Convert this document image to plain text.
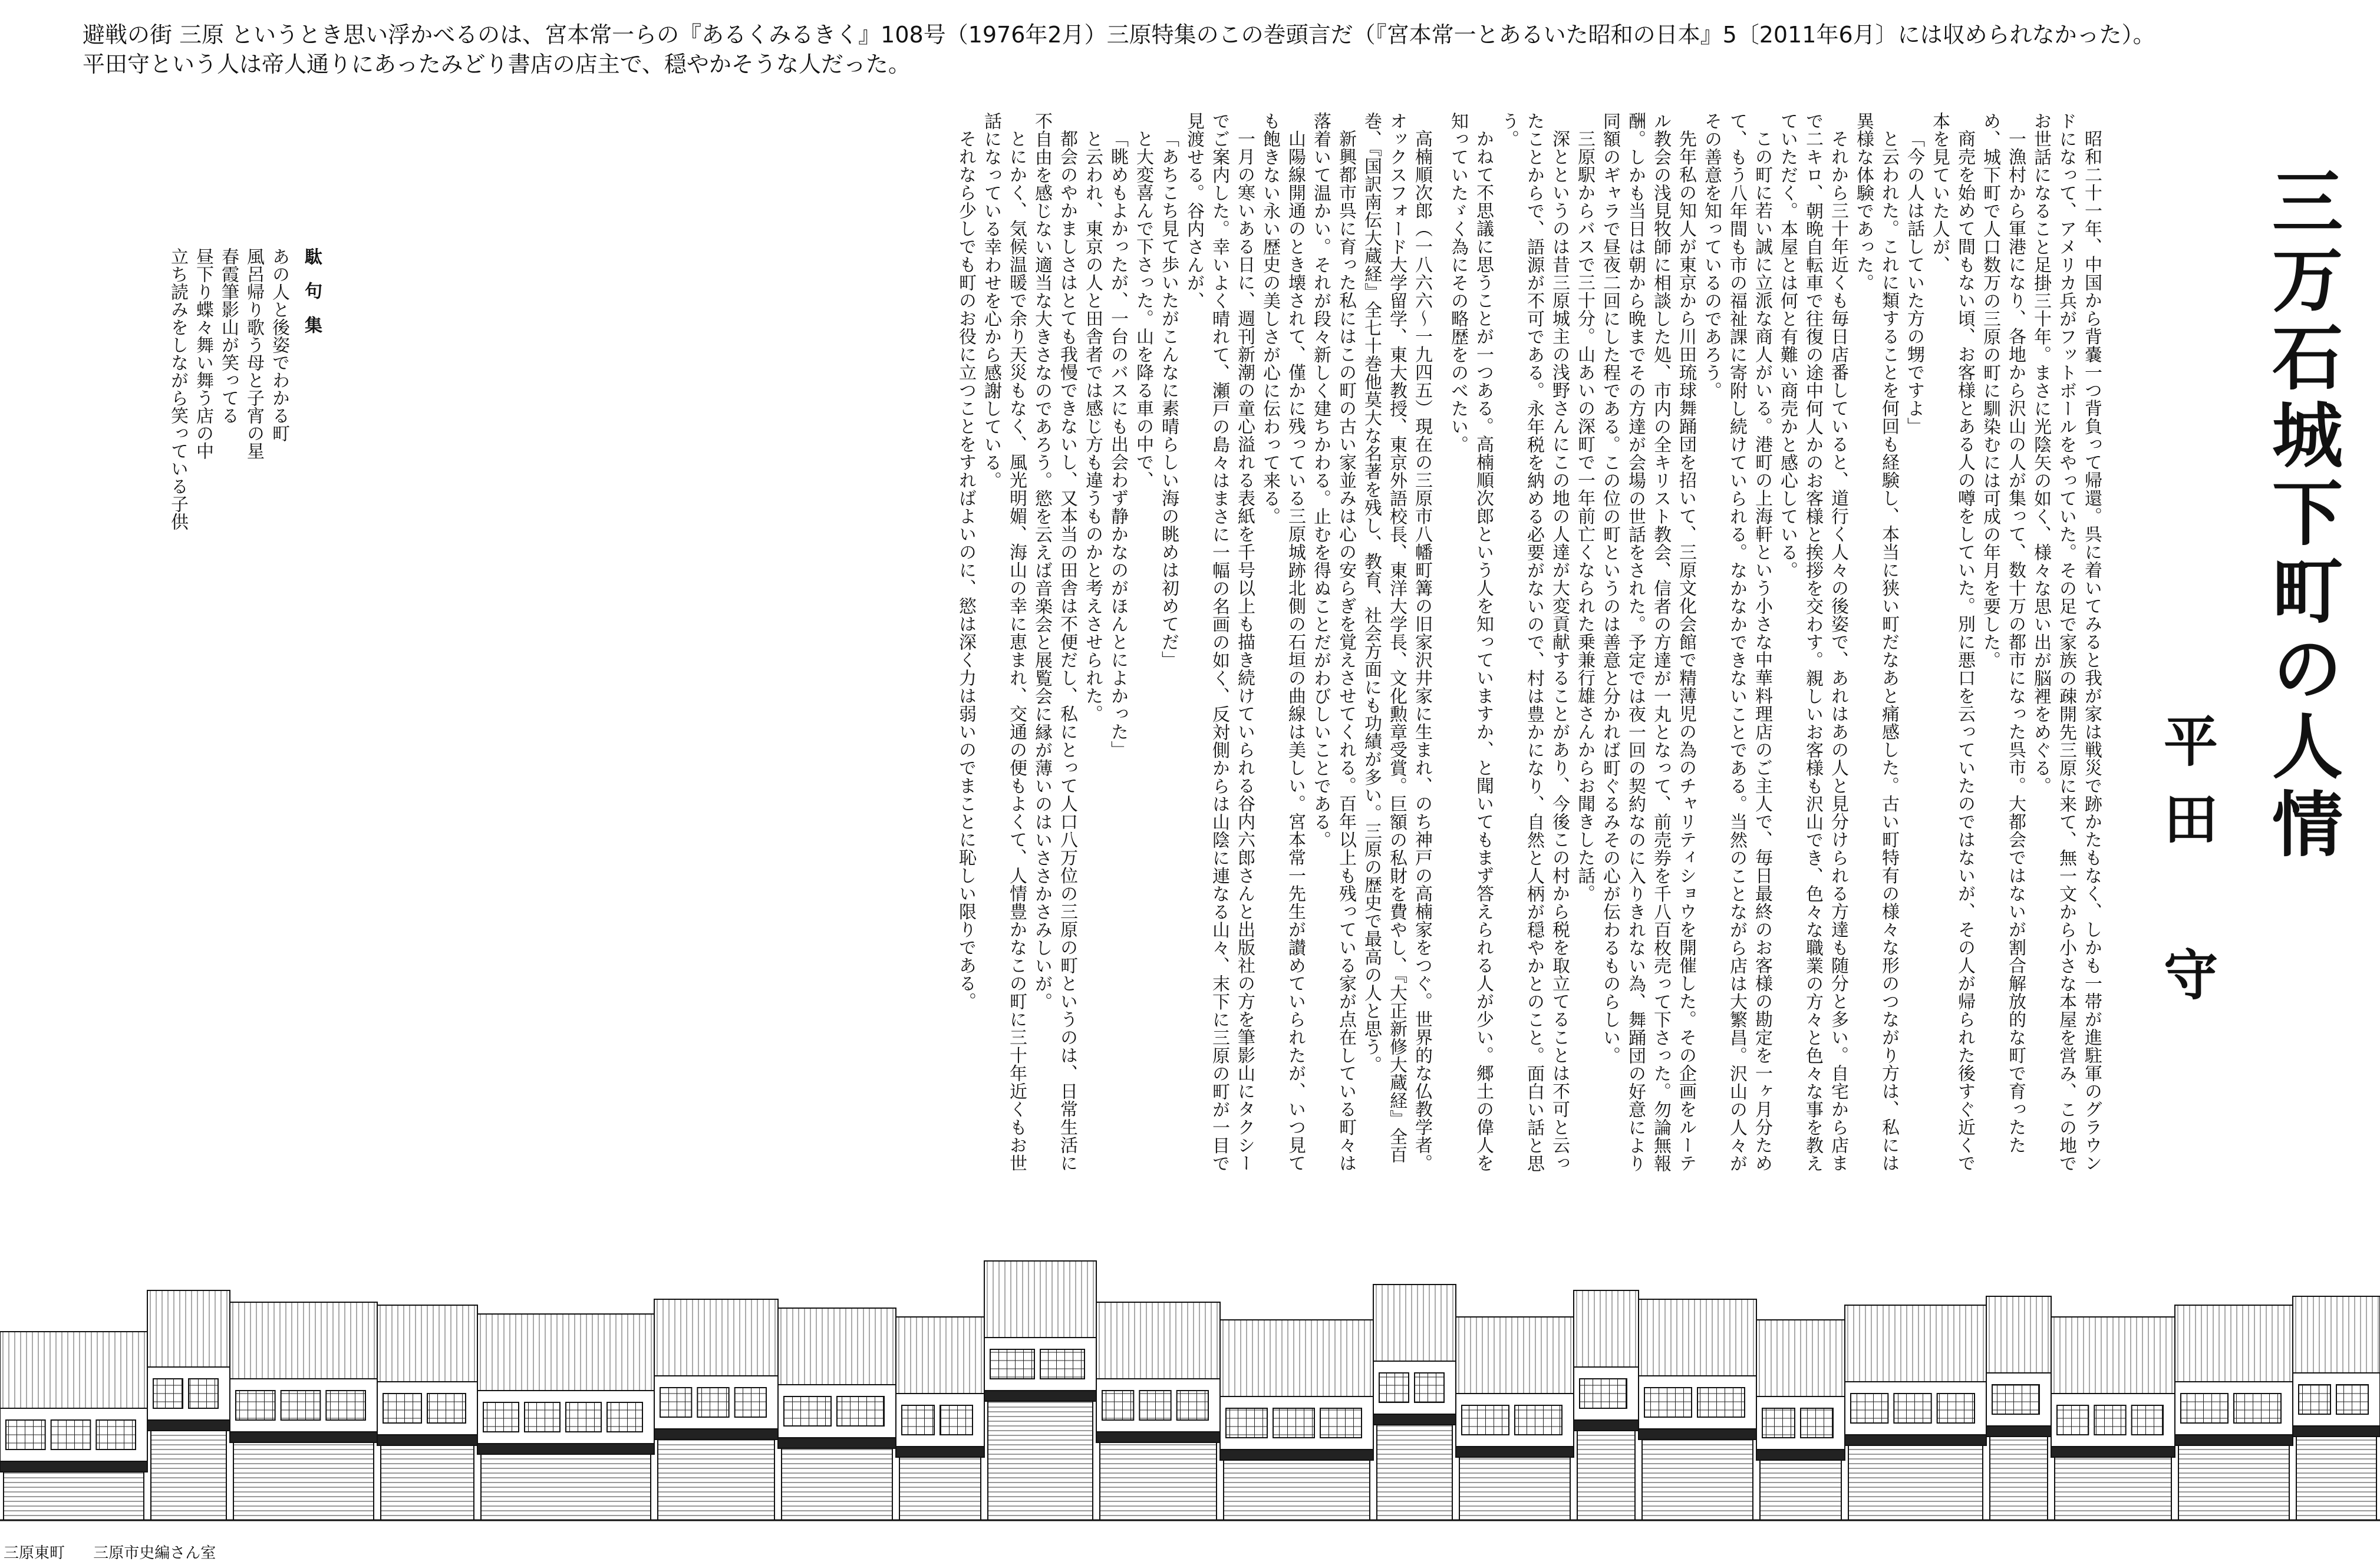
避戦の街 三原 というとき思い浮かべるのは、宮本常一らの『あるくみるきく』108号（1976年2月）三原特集のこの巻頭言だ（『宮本常一とあるいた昭和の日本』5〔2011年6月〕には収められなかった）。
平田守という人は帝人通りにあったみどり書店の店主で、穏やかそうな人だった。
三万石城下町の人情
平田　守

昭和二十一年、中国から背嚢一つ背負って帰還。呉に着いてみると我が家は戦災で跡かたもなく、しかも一帯が進駐軍のグラウンドになって、アメリカ兵がフットボールをやっていた。その足で家族の疎開先三原に来て、無一文から小さな本屋を営み、この地でお世話になること足掛三十年。まさに光陰矢の如く、様々な思い出が脳裡をめぐる。

一漁村から軍港になり、各地から沢山の人が集って、数十万の都市になった呉市。大都会ではないが割合解放的な町で育ったため、城下町で人口数万の三原の町に馴染むには可成の年月を要した。

商売を始めて間もない頃、お客様とある人の噂をしていた。別に悪口を云っていたのではないが、その人が帰られた後すぐ近くで本を見ていた人が、

「今の人は話していた方の甥ですよ」

と云われた。これに類することを何回も経験し、本当に狭い町だなあと痛感した。古い町特有の様々な形のつながり方は、私には異様な体験であった。

それから三十年近くも毎日店番していると、道行く人々の後姿で、あれはあの人と見分けられる方達も随分と多い。自宅から店まで二キロ、朝晩自転車で往復の途中何人かのお客様と挨拶を交わす。親しいお客様も沢山でき、色々な職業の方々と色々な事を教えていただく。本屋とは何と有難い商売かと感心している。

この町に若い誠に立派な商人がいる。港町の上海軒という小さな中華料理店のご主人で、毎日最終のお客様の勘定を一ヶ月分ためて、もう八年間も市の福祉課に寄附し続けていられる。なかなかできないことである。当然のことながら店は大繁昌。沢山の人々がその善意を知っているのであろう。

先年私の知人が東京から川田琉球舞踊団を招いて、三原文化会館で精薄児の為のチャリティショウを開催した。その企画をルーテル教会の浅見牧師に相談した処、市内の全キリスト教会、信者の方達が一丸となって、前売券を千八百枚売って下さった。勿論無報酬。しかも当日は朝から晩までその方達が会場の世話をされた。予定では夜一回の契約なのに入りきれない為、舞踊団の好意により同額のギャラで昼夜二回にした程である。この位の町というのは善意と分かれば町ぐるみその心が伝わるものらしい。

三原駅からバスで三十分。山あいの深町で一年前亡くなられた乗兼行雄さんからお聞きした話。

深とというのは昔三原城主の浅野さんにこの地の人達が大変貢献することがあり、今後この村から税を取立てることは不可と云ったことからで、語源が不可である。永年税を納める必要がないので、村は豊かになり、自然と人柄が穏やかとのこと。面白い話と思う。

かねて不思議に思うことが一つある。高楠順次郎という人を知っていますか、と聞いてもまず答えられる人が少い。郷土の偉人を知っていたゞく為にその略歴をのべたい。

高楠順次郎（一八六六〜一九四五）現在の三原市八幡町篝の旧家沢井家に生まれ、のち神戸の高楠家をつぐ。世界的な仏教学者。オックスフォード大学留学、東大教授、東京外語校長、東洋大学長、文化勲章受賞。巨額の私財を費やし、『大正新修大蔵経』全百巻、『国訳南伝大蔵経』全七十巻他莫大な名著を残し、教育、社会方面にも功績が多い。三原の歴史で最高の人と思う。

新興都市呉に育った私にはこの町の古い家並みは心の安らぎを覚えさせてくれる。百年以上も残っている家が点在している町々は落着いて温かい。それが段々新しく建ちかわる。止むを得ぬことだがわびしいことである。

山陽線開通のとき壊されて、僅かに残っている三原城跡北側の石垣の曲線は美しい。宮本常一先生が讃めていられたが、いつ見ても飽きない永い歴史の美しさが心に伝わって来る。

一月の寒いある日に、週刊新潮の童心溢れる表紙を千号以上も描き続けていられる谷内六郎さんと出版社の方を筆影山にタクシーでご案内した。幸いよく晴れて、瀬戸の島々はまさに一幅の名画の如く、反対側からは山陰に連なる山々、末下に三原の町が一目で見渡せる。谷内さんが、

「あちこち見て歩いたがこんなに素晴らしい海の眺めは初めてだ」

と大変喜んで下さった。山を降る車の中で、

「眺めもよかったが、一台のバスにも出会わず静かなのがほんとによかった」

と云われ、東京の人と田舎者では感じ方も違うものかと考えさせられた。

都会のやかましさはとても我慢できないし、又本当の田舎は不便だし、私にとって人口八万位の三原の町というのは、日常生活に不自由を感じない適当な大きさなのであろう。慾を云えば音楽会と展覧会に縁が薄いのはいささかさみしいが。

とにかく、気候温暖で余り天災もなく、風光明媚、海山の幸に恵まれ、交通の便もよくて、人情豊かなこの町に三十年近くもお世話になっている幸わせを心から感謝している。

それなら少しでも町のお役に立つことをすればよいのに、慾は深く力は弱いのでまことに恥しい限りである。

駄句集
あの人と後姿でわかる町
風呂帰り歌う母と子宵の星
春霞筆影山が笑ってる
昼下り蝶々舞い舞う店の中
立ち読みをしながら笑っている子供
三原東町 三原市史編さん室
